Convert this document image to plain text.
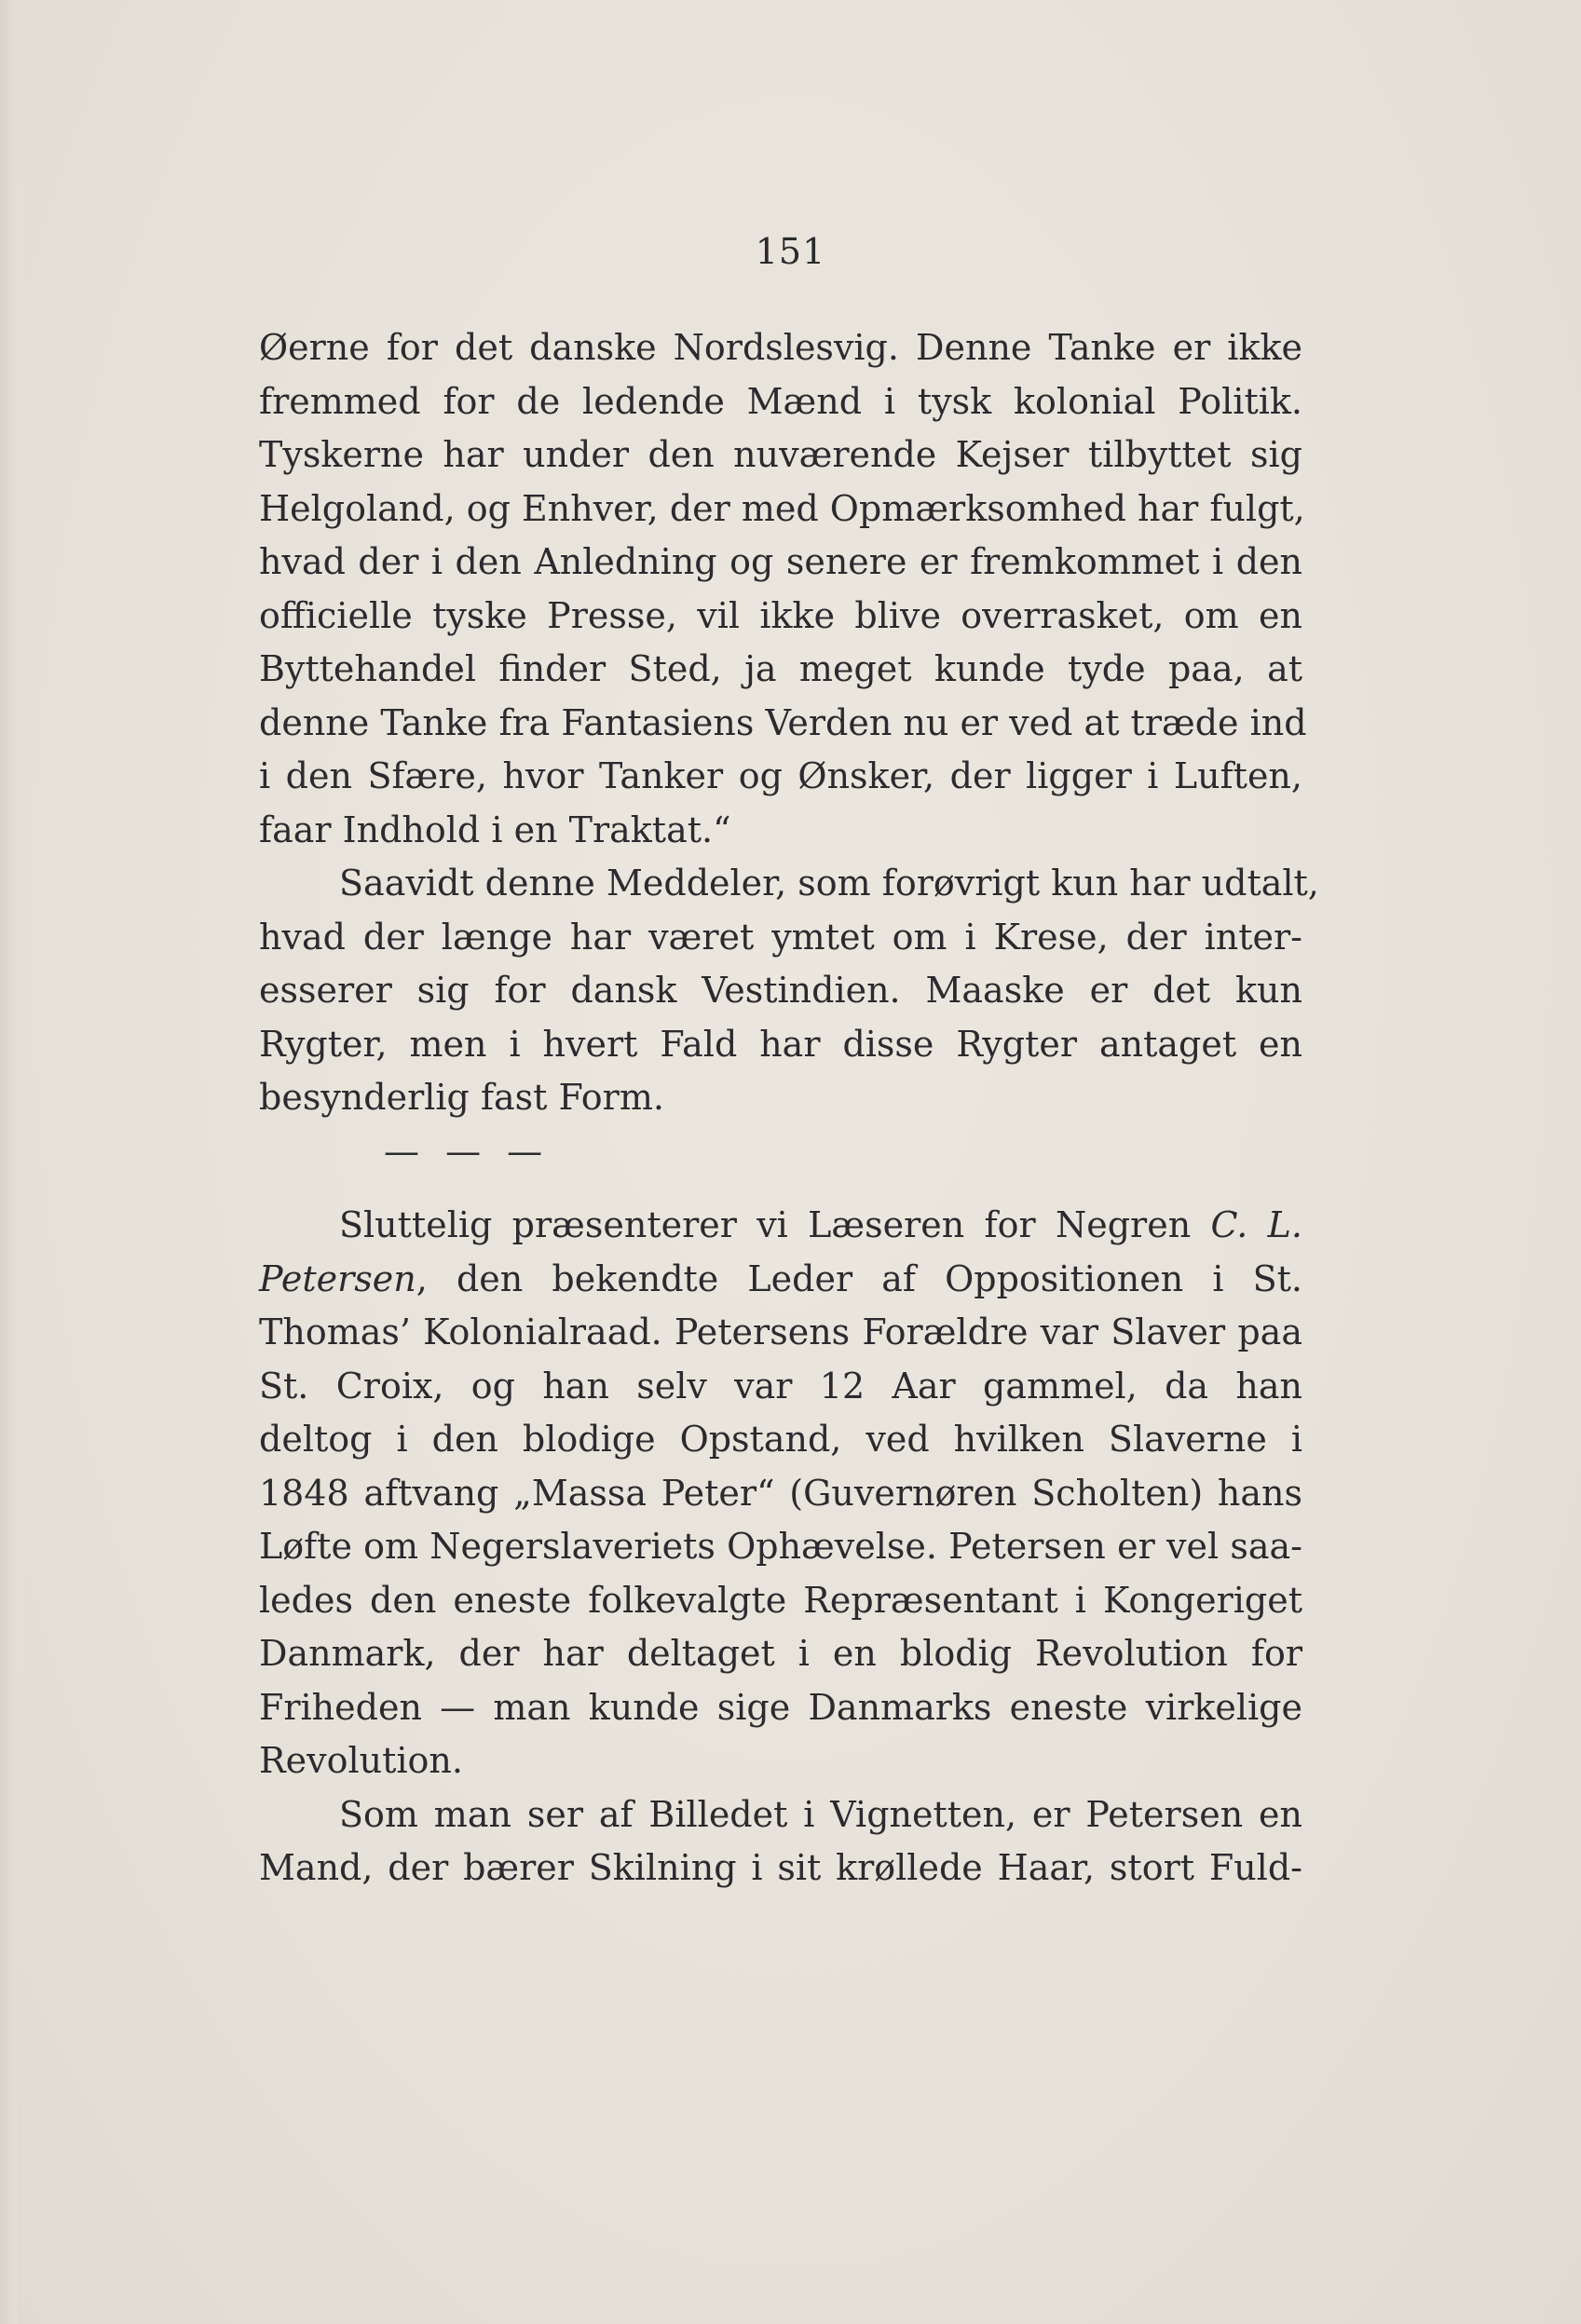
151
Øerne for det danske Nordslesvig. Denne Tanke er ikke
fremmed for de ledende Mænd i tysk kolonial Politik.
Tyskerne har under den nuværende Kejser tilbyttet sig
Helgoland, og Enhver, der med Opmærksomhed har fulgt,
hvad der i den Anledning og senere er fremkommet i den
officielle tyske Presse, vil ikke blive overrasket, om en
Byttehandel finder Sted, ja meget kunde tyde paa, at
denne Tanke fra Fantasiens Verden nu er ved at træde ind
i den Sfære, hvor Tanker og Ønsker, der ligger i Luften,
faar Indhold i en Traktat.“
Saavidt denne Meddeler, som forøvrigt kun har udtalt,
hvad der længe har været ymtet om i Krese, der inter-
esserer sig for dansk Vestindien. Maaske er det kun
Rygter, men i hvert Fald har disse Rygter antaget en
besynderlig fast Form.
— — —
Sluttelig præsenterer vi Læseren for Negren C. L.
Petersen, den bekendte Leder af Oppositionen i St.
Thomas’ Kolonialraad. Petersens Forældre var Slaver paa
St. Croix, og han selv var 12 Aar gammel, da han
deltog i den blodige Opstand, ved hvilken Slaverne i
1848 aftvang „Massa Peter“ (Guvernøren Scholten) hans
Løfte om Negerslaveriets Ophævelse. Petersen er vel saa-
ledes den eneste folkevalgte Repræsentant i Kongeriget
Danmark, der har deltaget i en blodig Revolution for
Friheden — man kunde sige Danmarks eneste virkelige
Revolution.
Som man ser af Billedet i Vignetten, er Petersen en
Mand, der bærer Skilning i sit krøllede Haar, stort Fuld-
